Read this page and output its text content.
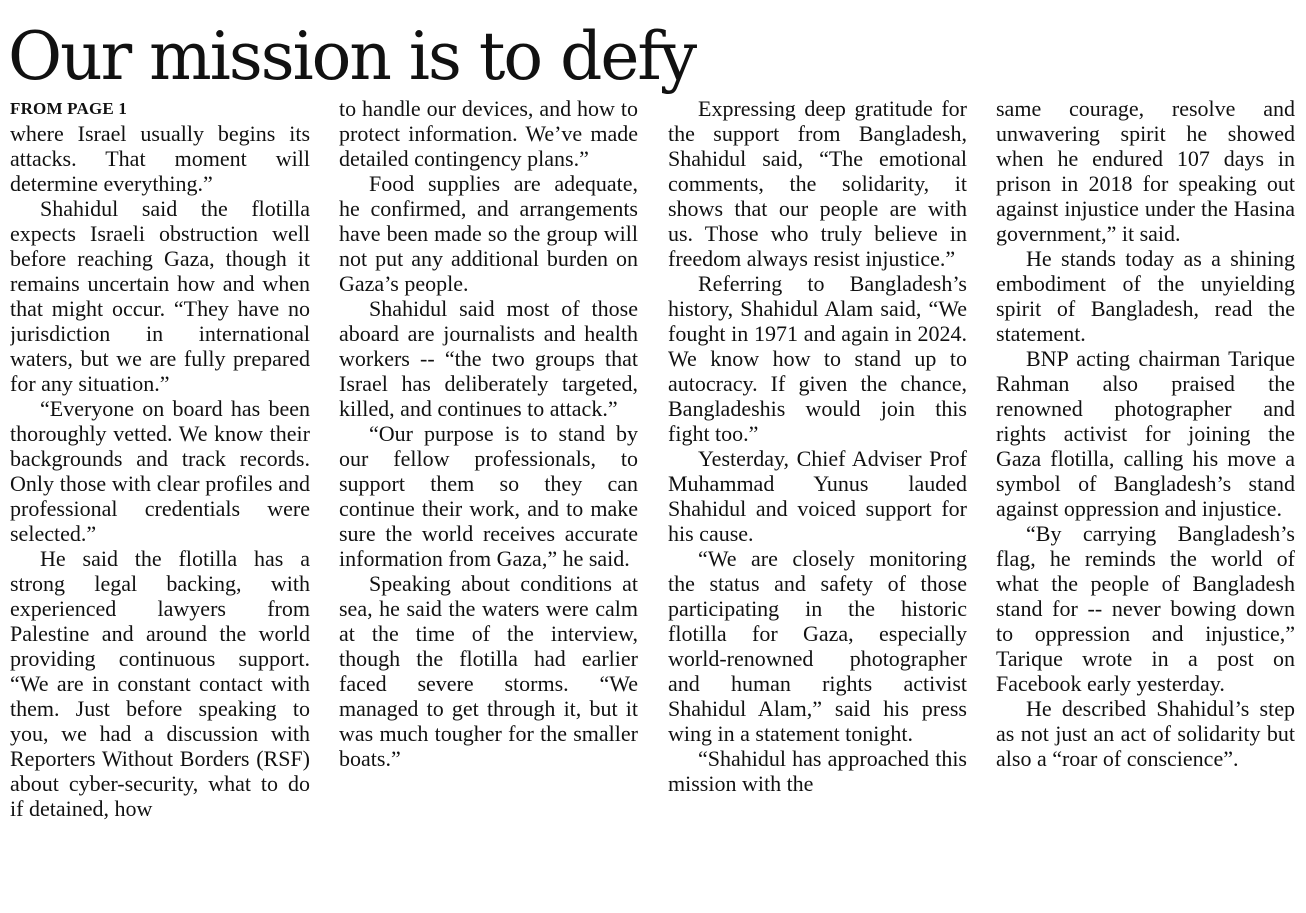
Our mission is to defy
FROM PAGE 1

where Israel usually begins its attacks. That moment will determine everything.”

Shahidul said the flotilla expects Israeli obstruction well before reaching Gaza, though it remains uncertain how and when that might occur. “They have no jurisdiction in international waters, but we are fully prepared for any situation.”

“Everyone on board has been thoroughly vetted. We know their backgrounds and track records. Only those with clear profiles and professional credentials were selected.”

He said the flotilla has a strong legal backing, with experienced lawyers from Palestine and around the world providing continuous support. “We are in constant contact with them. Just before speaking to you, we had a discussion with Reporters Without Borders (RSF) about cyber-security, what to do if detained, how

to handle our devices, and how to protect information. We’ve made detailed contingency plans.”

Food supplies are adequate, he confirmed, and arrangements have been made so the group will not put any additional burden on Gaza’s people.

Shahidul said most of those aboard are journalists and health workers -- “the two groups that Israel has deliberately targeted, killed, and continues to attack.”

“Our purpose is to stand by our fellow professionals, to support them so they can continue their work, and to make sure the world receives accurate information from Gaza,” he said.

Speaking about conditions at sea, he said the waters were calm at the time of the interview, though the flotilla had earlier faced severe storms. “We managed to get through it, but it was much tougher for the smaller boats.”

Expressing deep gratitude for the support from Bangladesh, Shahidul said, “The emotional comments, the solidarity, it shows that our people are with us. Those who truly believe in freedom always resist injustice.”

Referring to Bangladesh’s history, Shahidul Alam said, “We fought in 1971 and again in 2024. We know how to stand up to autocracy. If given the chance, Bangladeshis would join this fight too.”

Yesterday, Chief Adviser Prof Muhammad Yunus lauded Shahidul and voiced support for his cause.

“We are closely monitoring the status and safety of those participating in the historic flotilla for Gaza, especially world-renowned photographer and human rights activist Shahidul Alam,” said his press wing in a statement tonight.

“Shahidul has approached this mission with the

same courage, resolve and unwavering spirit he showed when he endured 107 days in prison in 2018 for speaking out against injustice under the Hasina government,” it said.

He stands today as a shining embodiment of the unyielding spirit of Bangladesh, read the statement.

BNP acting chairman Tarique Rahman also praised the renowned photographer and rights activist for joining the Gaza flotilla, calling his move a symbol of Bangladesh’s stand against oppression and injustice.

“By carrying Bangladesh’s flag, he reminds the world of what the people of Bangladesh stand for -- never bowing down to oppression and injustice,” Tarique wrote in a post on Facebook early yesterday.

He described Shahidul’s step as not just an act of solidarity but also a “roar of conscience”.
